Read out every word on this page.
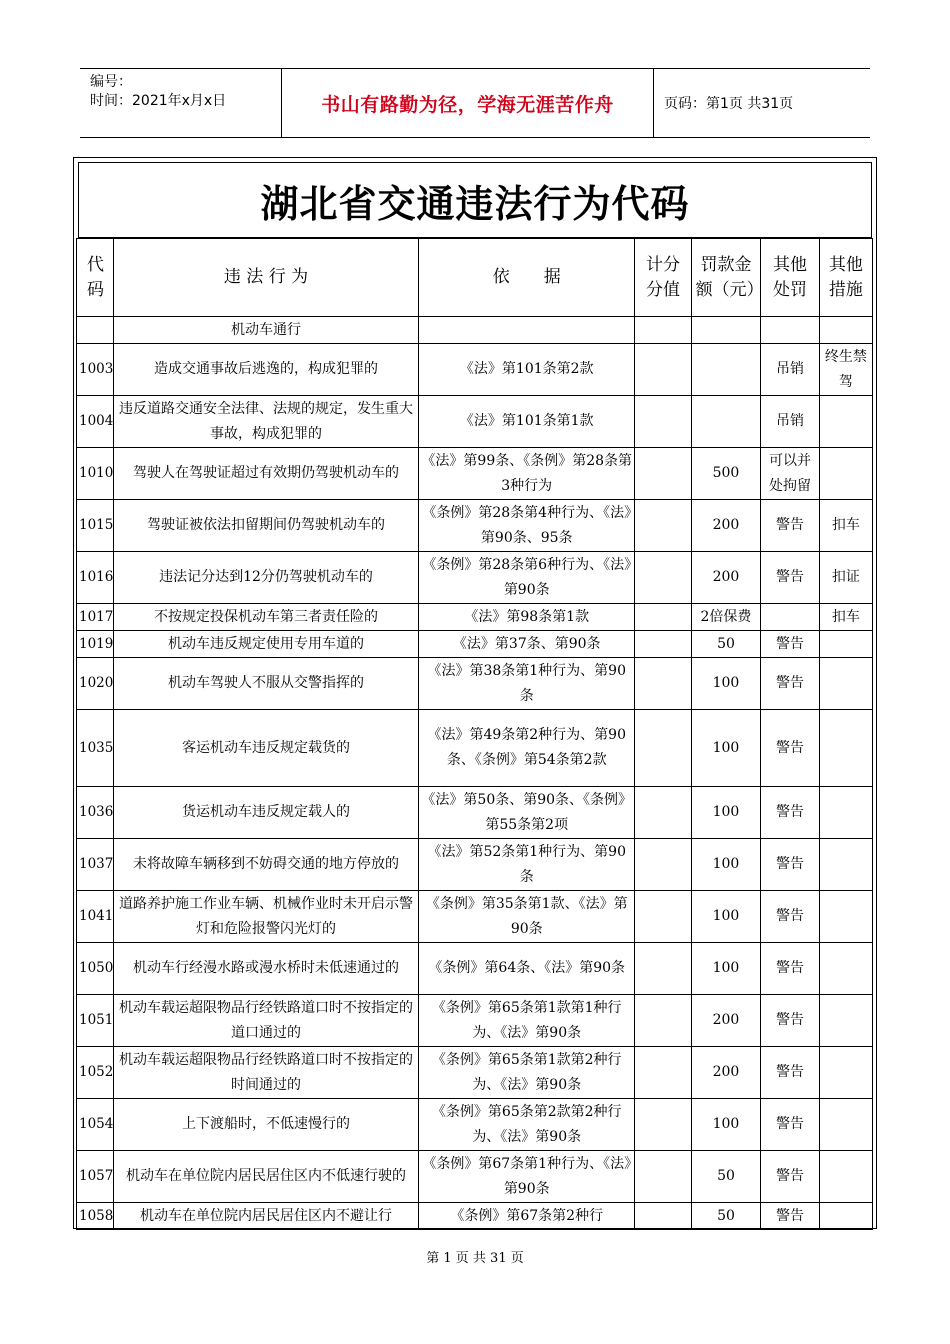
编号：
时间：2021年x月x日	书山有路勤为径，学海无涯苦作舟	页码：第1页 共31页
湖北省交通违法行为代码
代码	违 法 行 为	依　　据	计分分值	罚款金额（元）	其他处罚	其他措施
	机动车通行					
1003	造成交通事故后逃逸的，构成犯罪的	《法》第101条第2款			吊销	终生禁驾
1004	违反道路交通安全法律、法规的规定，发生重大事故，构成犯罪的	《法》第101条第1款			吊销	
1010	驾驶人在驾驶证超过有效期仍驾驶机动车的	《法》第99条、《条例》第28条第3种行为		500	可以并处拘留	
1015	驾驶证被依法扣留期间仍驾驶机动车的	《条例》第28条第4种行为、《法》第90条、95条		200	警告	扣车
1016	违法记分达到12分仍驾驶机动车的	《条例》第28条第6种行为、《法》第90条		200	警告	扣证
1017	不按规定投保机动车第三者责任险的	《法》第98条第1款		2倍保费		扣车
1019	机动车违反规定使用专用车道的	《法》第37条、第90条		50	警告	
1020	机动车驾驶人不服从交警指挥的	《法》第38条第1种行为、第90条		100	警告	
1035	客运机动车违反规定载货的	《法》第49条第2种行为、第90条、《条例》第54条第2款		100	警告	
1036	货运机动车违反规定载人的	《法》第50条、第90条、《条例》第55条第2项		100	警告	
1037	未将故障车辆移到不妨碍交通的地方停放的	《法》第52条第1种行为、第90条		100	警告	
1041	道路养护施工作业车辆、机械作业时未开启示警灯和危险报警闪光灯的	《条例》第35条第1款、《法》第90条		100	警告	
1050	机动车行经漫水路或漫水桥时未低速通过的	《条例》第64条、《法》第90条		100	警告	
1051	机动车载运超限物品行经铁路道口时不按指定的道口通过的	《条例》第65条第1款第1种行为、《法》第90条		200	警告	
1052	机动车载运超限物品行经铁路道口时不按指定的时间通过的	《条例》第65条第1款第2种行为、《法》第90条		200	警告	
1054	上下渡船时，不低速慢行的	《条例》第65条第2款第2种行为、《法》第90条		100	警告	
1057	机动车在单位院内居民居住区内不低速行驶的	《条例》第67条第1种行为、《法》第90条		50	警告	
1058	机动车在单位院内居民居住区内不避让行	《条例》第67条第2种行		50	警告	
第 1 页 共 31 页
